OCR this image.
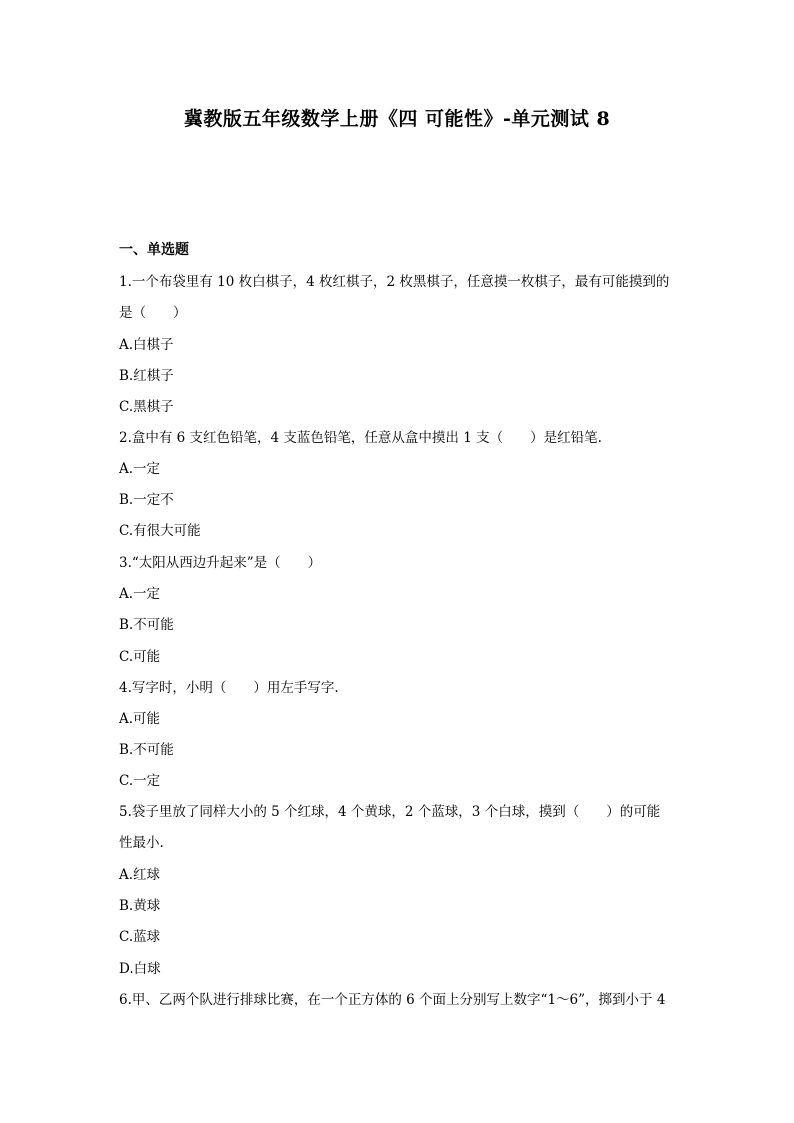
冀教版五年级数学上册《四 可能性》-单元测试 8
一、单选题
1.一个布袋里有 10 枚白棋子，4 枚红棋子，2 枚黑棋子，任意摸一枚棋子，最有可能摸到的
是（　　）
A.白棋子
B.红棋子
C.黑棋子
2.盒中有 6 支红色铅笔，4 支蓝色铅笔，任意从盒中摸出 1 支（　　）是红铅笔.
A.一定
B.一定不
C.有很大可能
3.“太阳从西边升起来”是（　　）
A.一定
B.不可能
C.可能
4.写字时，小明（　　）用左手写字.
A.可能
B.不可能
C.一定
5.袋子里放了同样大小的 5 个红球，4 个黄球，2 个蓝球，3 个白球，摸到（　　）的可能
性最小.
A.红球
B.黄球
C.蓝球
D.白球
6.甲、乙两个队进行排球比赛，在一个正方体的 6 个面上分别写上数字“1～6”，掷到小于 4
